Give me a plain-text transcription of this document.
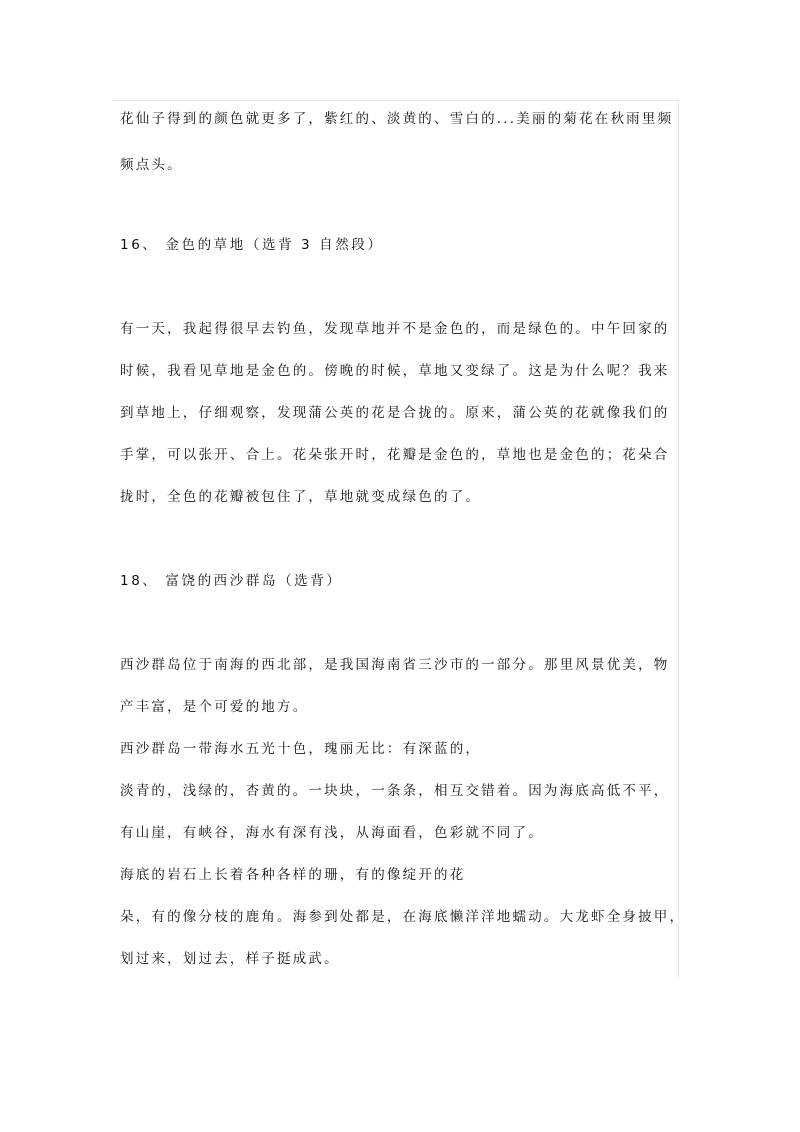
花仙子得到的颜色就更多了，紫红的、淡黄的、雪白的...美丽的菊花在秋雨里频
频点头。
16、 金色的草地（选背 3 自然段）
有一天，我起得很早去钓鱼，发现草地并不是金色的，而是绿色的。中午回家的
时候，我看见草地是金色的。傍晚的时候，草地又变绿了。这是为什么呢？我来
到草地上，仔细观察，发现蒲公英的花是合拢的。原来，蒲公英的花就像我们的
手掌，可以张开、合上。花朵张开时，花瓣是金色的，草地也是金色的；花朵合
拢时，全色的花瓣被包住了，草地就变成绿色的了。
18、 富饶的西沙群岛（选背）
西沙群岛位于南海的西北部，是我国海南省三沙市的一部分。那里风景优美，物
产丰富，是个可爱的地方。
西沙群岛一带海水五光十色，瑰丽无比：有深蓝的，
淡青的，浅绿的，杏黄的。一块块，一条条，相互交错着。因为海底高低不平，
有山崖，有峡谷，海水有深有浅，从海面看，色彩就不同了。
海底的岩石上长着各种各样的珊，有的像绽开的花
朵，有的像分枝的鹿角。海参到处都是，在海底懒洋洋地蠕动。大龙虾全身披甲，
划过来，划过去，样子挺成武。
